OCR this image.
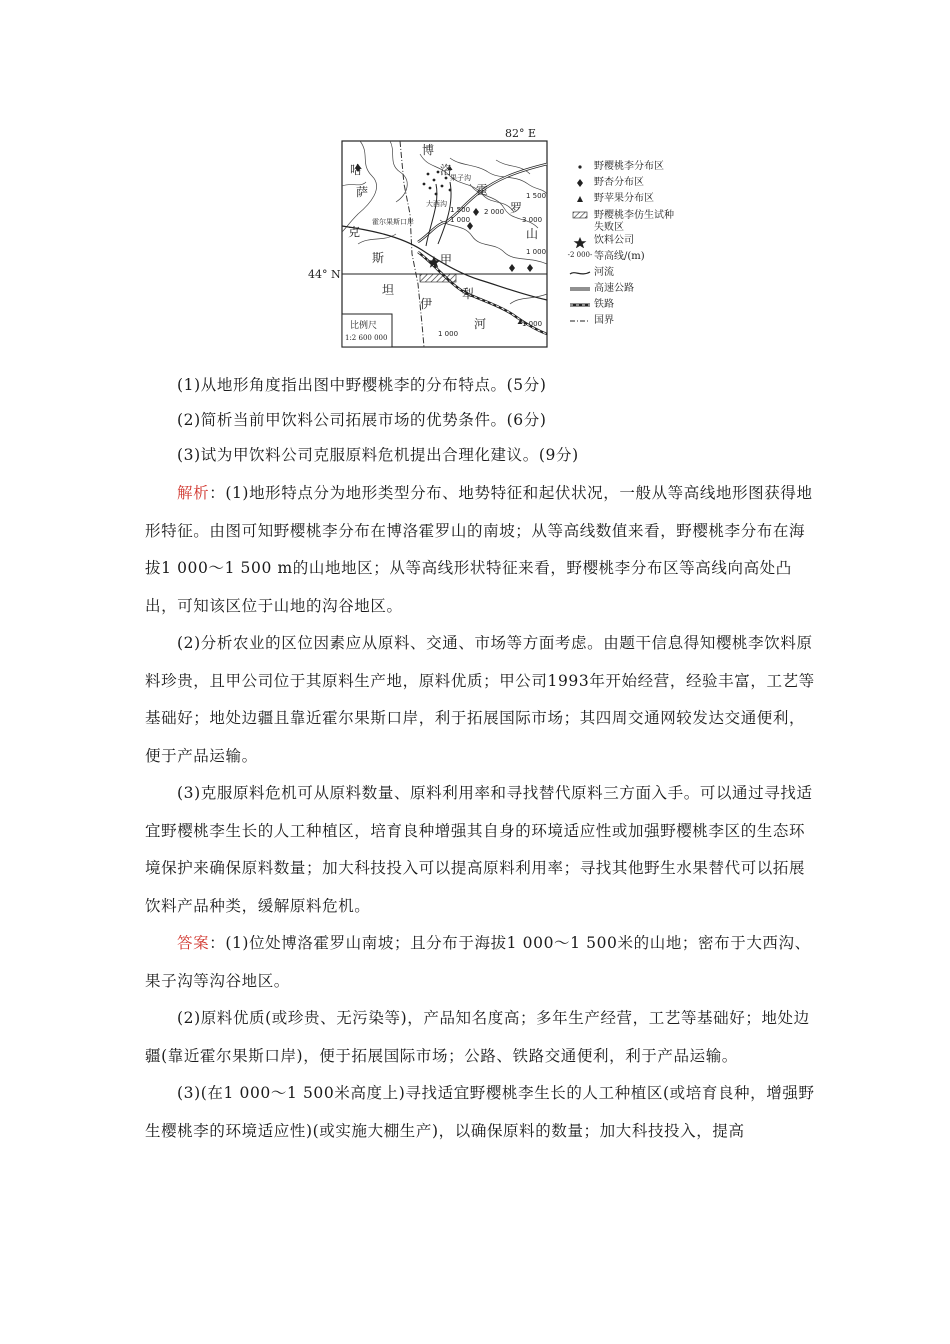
哈
萨
克
斯
坦
博
罗
洛
霍
山
伊
犁
河
甲
大西沟
果子沟
霍尔果斯口岸
1 500
1 500
2 000
1 000	3 000
1 000
1 000
1 000
82° E
44° N
比例尺
1:2 600 000
野樱桃李分布区
野杏分布区
野苹果分布区
野樱桃李仿生试种失败区
饮料公司
-2 000- 等高线/(m)
河流
高速公路
铁路
国界

(1)从地形角度指出图中野樱桃李的分布特点。(5分)

(2)简析当前甲饮料公司拓展市场的优势条件。(6分)

(3)试为甲饮料公司克服原料危机提出合理化建议。(9分)

解析：(1)地形特点分为地形类型分布、地势特征和起伏状况，一般从等高线地形图获得地形特征。由图可知野樱桃李分布在博洛霍罗山的南坡；从等高线数值来看，野樱桃李分布在海拔1 000～1 500 m的山地地区；从等高线形状特征来看，野樱桃李分布区等高线向高处凸出，可知该区位于山地的沟谷地区。

(2)分析农业的区位因素应从原料、交通、市场等方面考虑。由题干信息得知樱桃李饮料原料珍贵，且甲公司位于其原料生产地，原料优质；甲公司1993年开始经营，经验丰富，工艺等基础好；地处边疆且靠近霍尔果斯口岸，利于拓展国际市场；其四周交通网较发达交通便利，便于产品运输。

(3)克服原料危机可从原料数量、原料利用率和寻找替代原料三方面入手。可以通过寻找适宜野樱桃李生长的人工种植区，培育良种增强其自身的环境适应性或加强野樱桃李区的生态环境保护来确保原料数量；加大科技投入可以提高原料利用率；寻找其他野生水果替代可以拓展饮料产品种类，缓解原料危机。

答案：(1)位处博洛霍罗山南坡；且分布于海拔1 000～1 500米的山地；密布于大西沟、果子沟等沟谷地区。

(2)原料优质(或珍贵、无污染等)，产品知名度高；多年生产经营，工艺等基础好；地处边疆(靠近霍尔果斯口岸)，便于拓展国际市场；公路、铁路交通便利，利于产品运输。

(3)(在1 000～1 500米高度上)寻找适宜野樱桃李生长的人工种植区(或培育良种，增强野生樱桃李的环境适应性)(或实施大棚生产)，以确保原料的数量；加大科技投入，提高
